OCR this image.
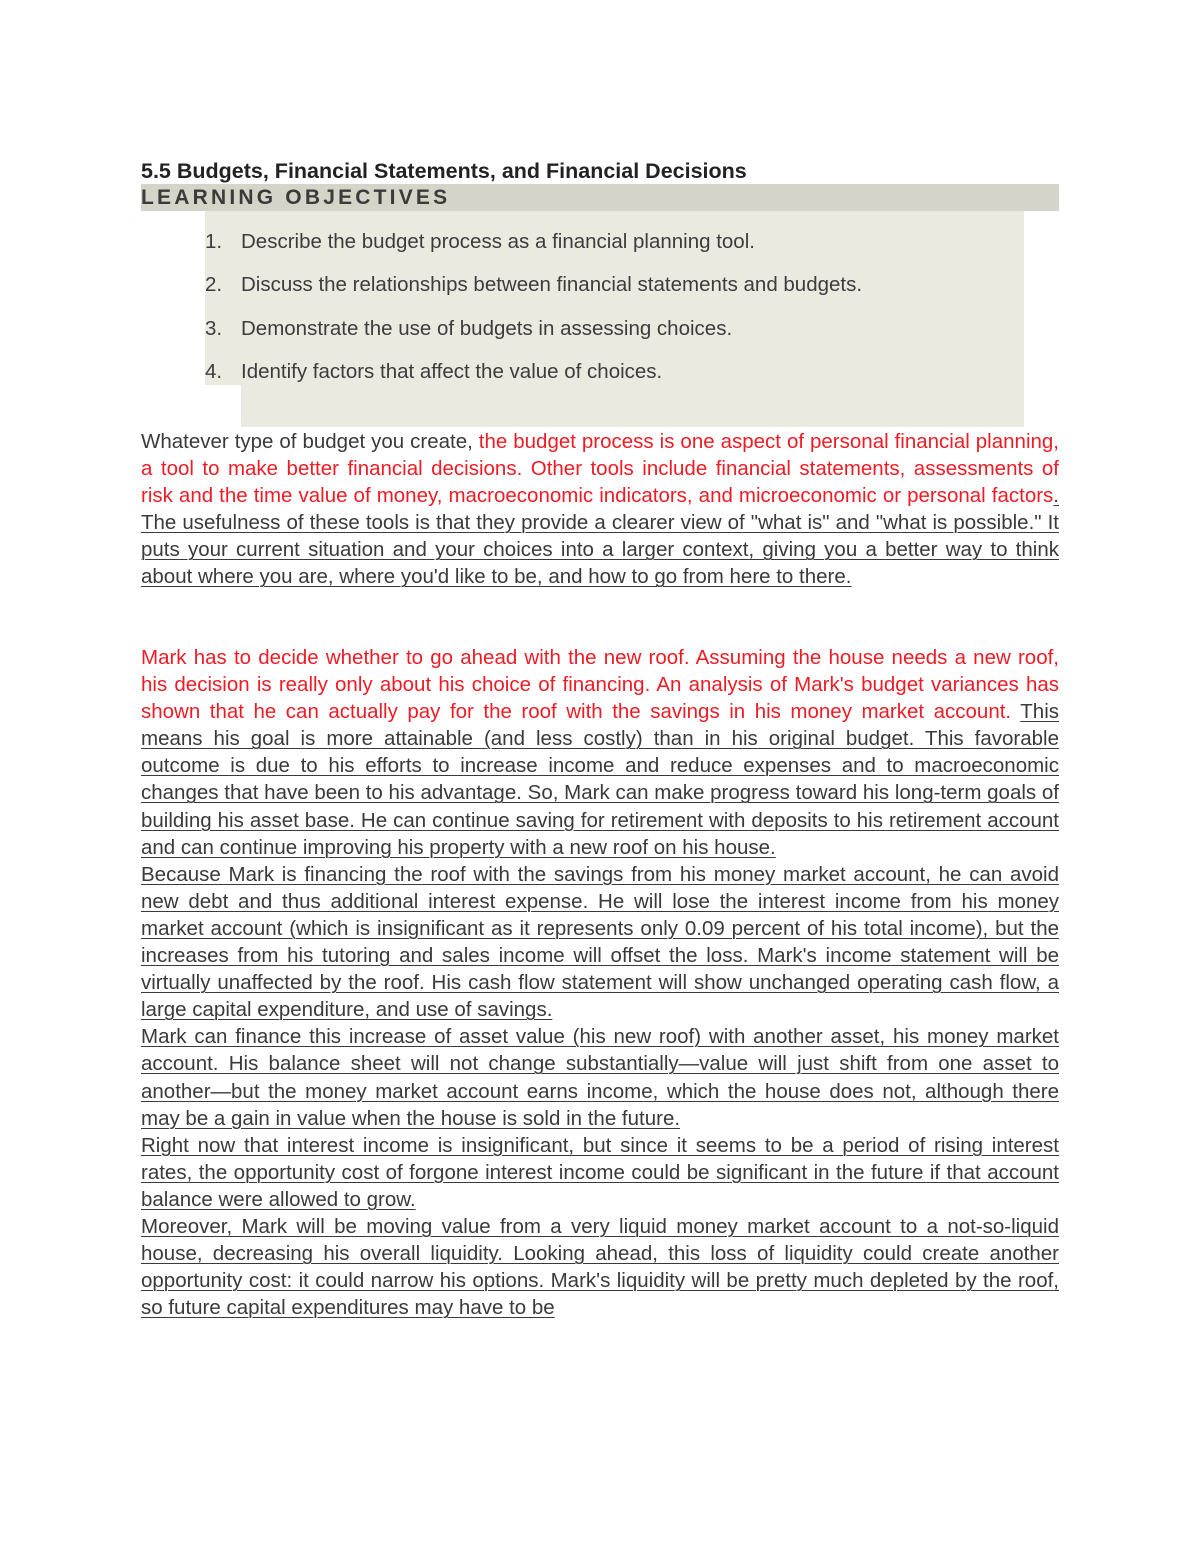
5.5 Budgets, Financial Statements, and Financial Decisions
LEARNING OBJECTIVES
1. Describe the budget process as a financial planning tool.
2. Discuss the relationships between financial statements and budgets.
3. Demonstrate the use of budgets in assessing choices.
4. Identify factors that affect the value of choices.

Whatever type of budget you create, the budget process is one aspect of personal financial planning, a tool to make better financial decisions. Other tools include financial statements, assessments of risk and the time value of money, macroeconomic indicators, and microeconomic or personal factors. The usefulness of these tools is that they provide a clearer view of "what is" and "what is possible." It puts your current situation and your choices into a larger context, giving you a better way to think about where you are, where you'd like to be, and how to go from here to there.

Mark has to decide whether to go ahead with the new roof. Assuming the house needs a new roof, his decision is really only about his choice of financing. An analysis of Mark's budget variances has shown that he can actually pay for the roof with the savings in his money market account. This means his goal is more attainable (and less costly) than in his original budget. This favorable outcome is due to his efforts to increase income and reduce expenses and to macroeconomic changes that have been to his advantage. So, Mark can make progress toward his long-term goals of building his asset base. He can continue saving for retirement with deposits to his retirement account and can continue improving his property with a new roof on his house.
Because Mark is financing the roof with the savings from his money market account, he can avoid new debt and thus additional interest expense. He will lose the interest income from his money market account (which is insignificant as it represents only 0.09 percent of his total income), but the increases from his tutoring and sales income will offset the loss. Mark's income statement will be virtually unaffected by the roof. His cash flow statement will show unchanged operating cash flow, a large capital expenditure, and use of savings.
Mark can finance this increase of asset value (his new roof) with another asset, his money market account. His balance sheet will not change substantially—value will just shift from one asset to another—but the money market account earns income, which the house does not, although there may be a gain in value when the house is sold in the future.
Right now that interest income is insignificant, but since it seems to be a period of rising interest rates, the opportunity cost of forgone interest income could be significant in the future if that account balance were allowed to grow.
Moreover, Mark will be moving value from a very liquid money market account to a not-so-liquid house, decreasing his overall liquidity. Looking ahead, this loss of liquidity could create another opportunity cost: it could narrow his options. Mark's liquidity will be pretty much depleted by the roof, so future capital expenditures may have to be
